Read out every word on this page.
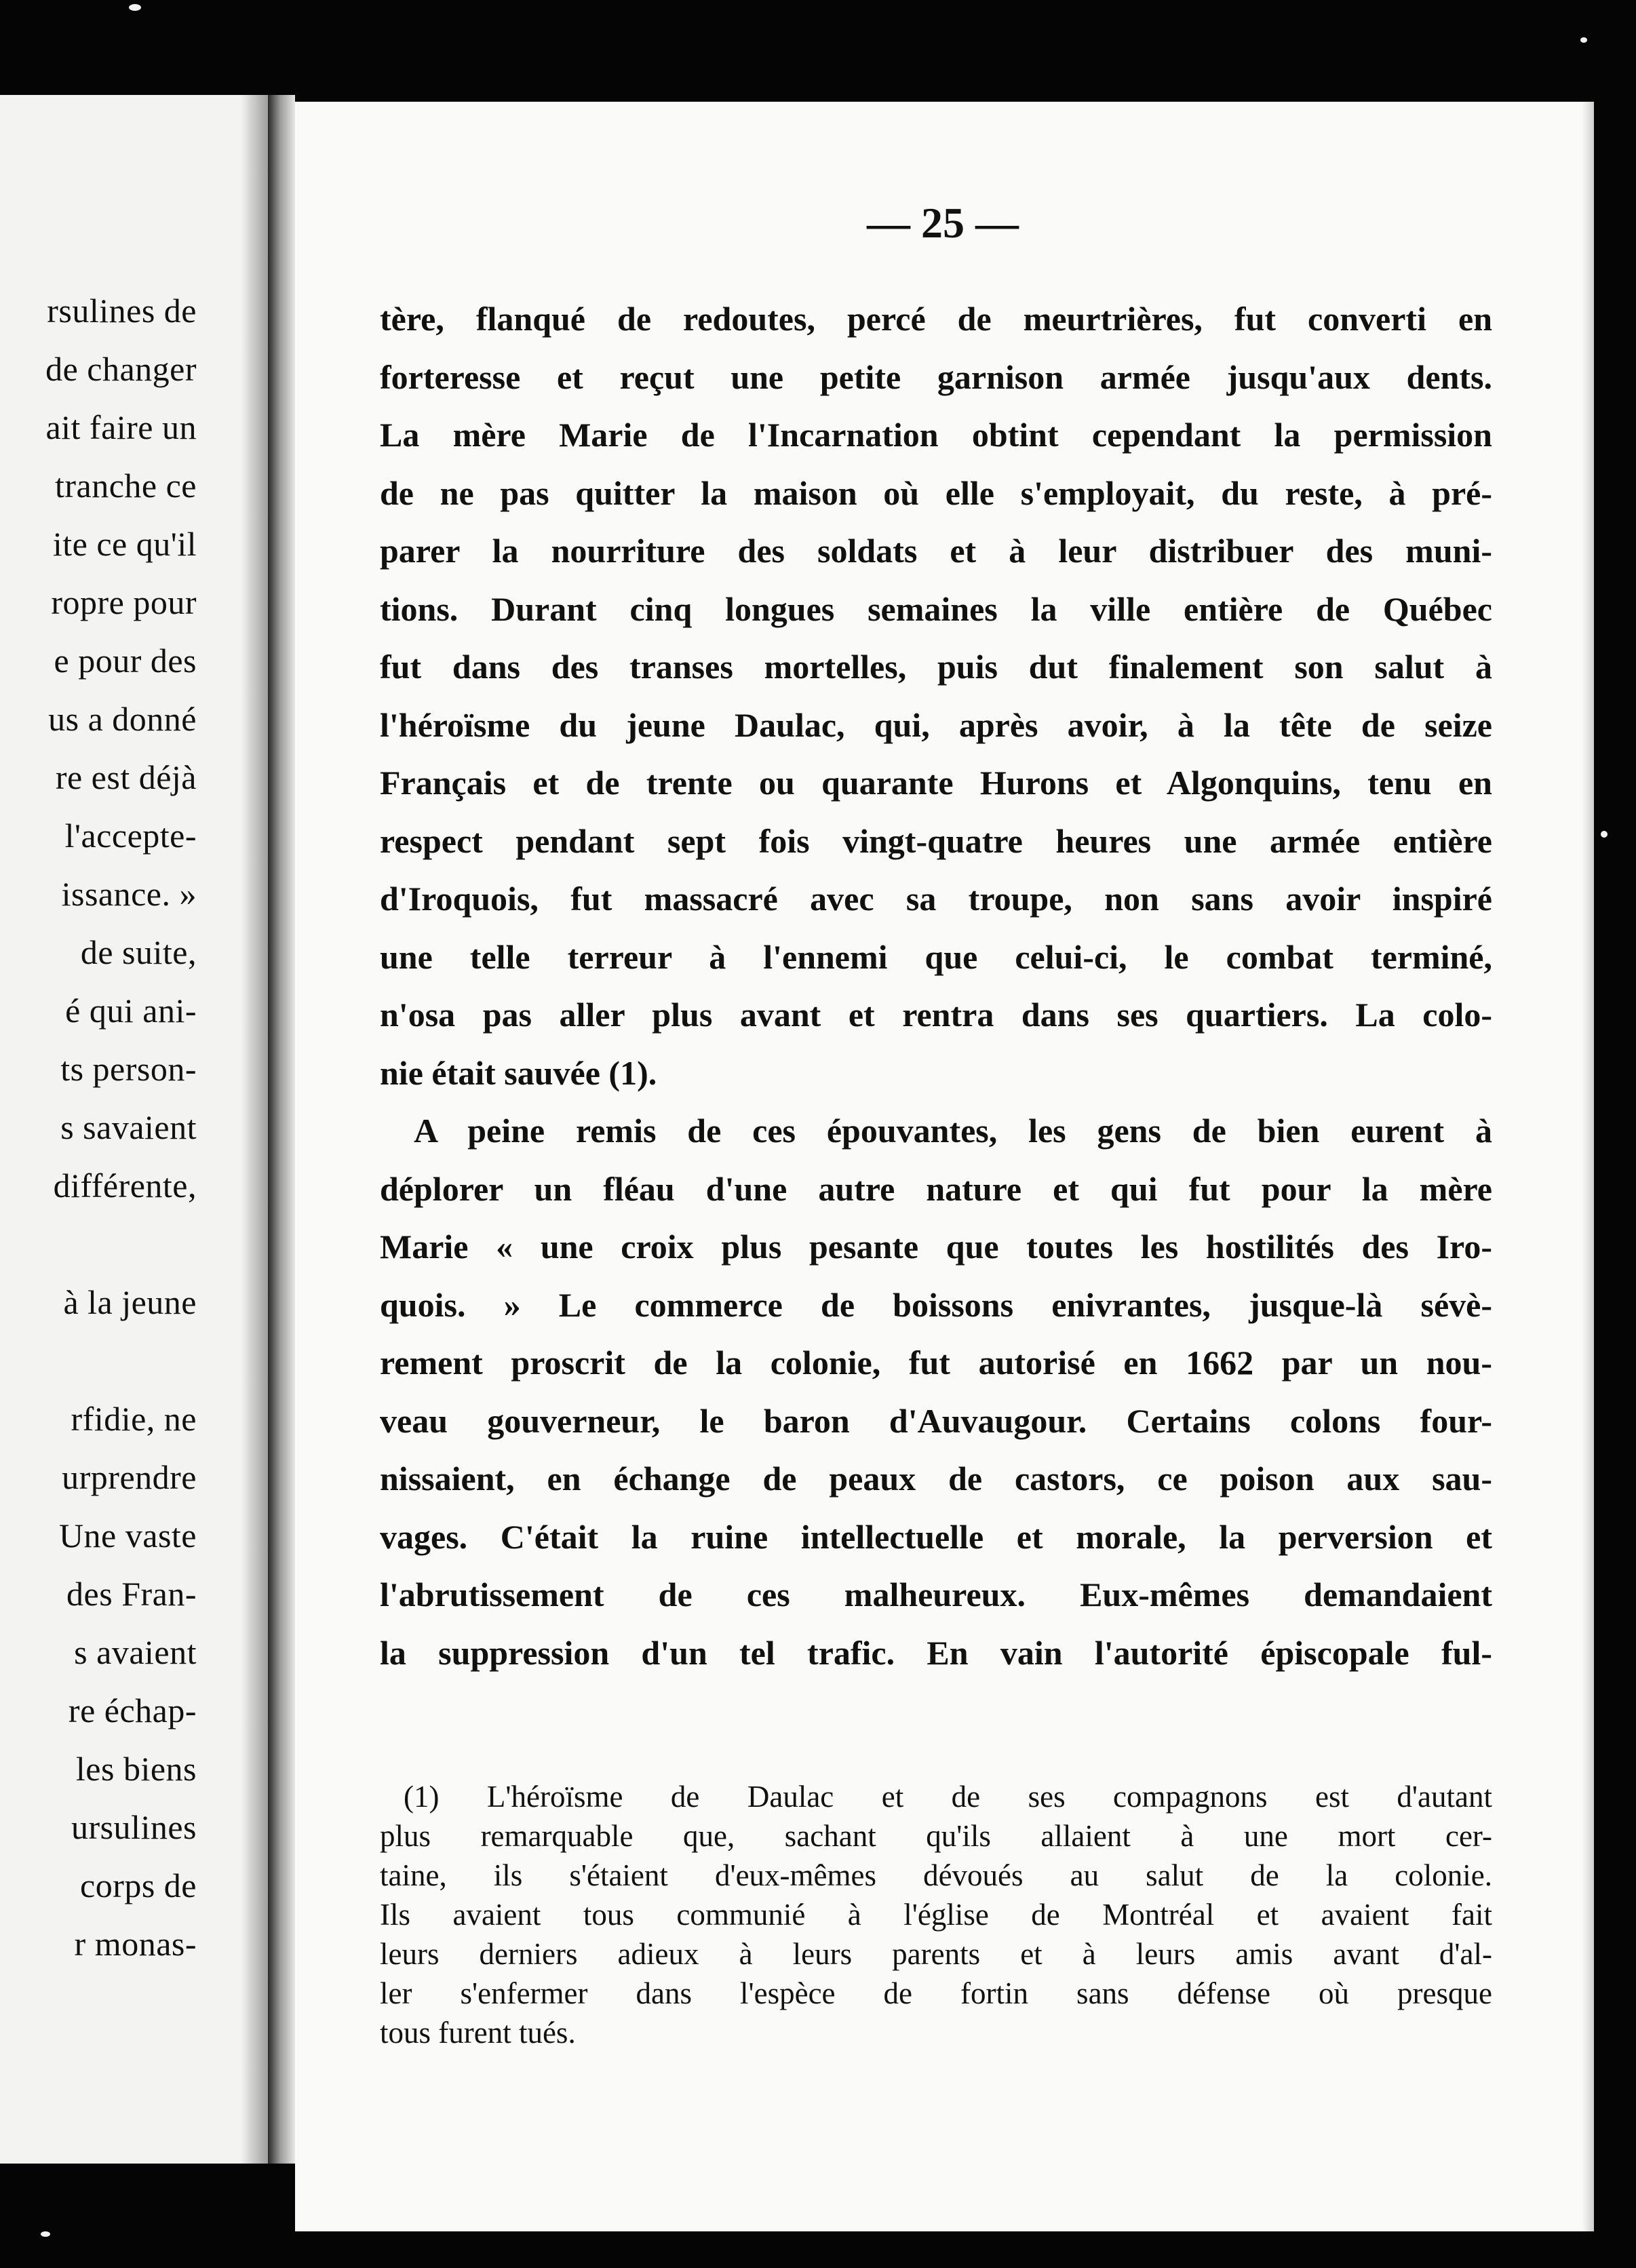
rsulines de
de changer
ait faire un
tranche ce
ite ce qu'il
ropre pour
e pour des
us a donné
re est déjà
l'accepte-
issance. »
de suite,
é qui ani-
ts person-
s savaient
différente,
à la jeune
rfidie, ne
urprendre
Une vaste
des Fran-
s avaient
re échap-
les biens
ursulines
corps de
r monas-
— 25 —
tère, flanqué de redoutes, percé de meurtrières, fut converti en
forteresse et reçut une petite garnison armée jusqu'aux dents.
La mère Marie de l'Incarnation obtint cependant la permission
de ne pas quitter la maison où elle s'employait, du reste, à pré-
parer la nourriture des soldats et à leur distribuer des muni-
tions. Durant cinq longues semaines la ville entière de Québec
fut dans des transes mortelles, puis dut finalement son salut à
l'héroïsme du jeune Daulac, qui, après avoir, à la tête de seize
Français et de trente ou quarante Hurons et Algonquins, tenu en
respect pendant sept fois vingt-quatre heures une armée entière
d'Iroquois, fut massacré avec sa troupe, non sans avoir inspiré
une telle terreur à l'ennemi que celui-ci, le combat terminé,
n'osa pas aller plus avant et rentra dans ses quartiers. La colo-
nie était sauvée (1).
A peine remis de ces épouvantes, les gens de bien eurent à
déplorer un fléau d'une autre nature et qui fut pour la mère
Marie « une croix plus pesante que toutes les hostilités des Iro-
quois. » Le commerce de boissons enivrantes, jusque-là sévè-
rement proscrit de la colonie, fut autorisé en 1662 par un nou-
veau gouverneur, le baron d'Auvaugour. Certains colons four-
nissaient, en échange de peaux de castors, ce poison aux sau-
vages. C'était la ruine intellectuelle et morale, la perversion et
l'abrutissement de ces malheureux. Eux-mêmes demandaient
la suppression d'un tel trafic. En vain l'autorité épiscopale ful-
(1) L'héroïsme de Daulac et de ses compagnons est d'autant
plus remarquable que, sachant qu'ils allaient à une mort cer-
taine, ils s'étaient d'eux-mêmes dévoués au salut de la colonie.
Ils avaient tous communié à l'église de Montréal et avaient fait
leurs derniers adieux à leurs parents et à leurs amis avant d'al-
ler s'enfermer dans l'espèce de fortin sans défense où presque
tous furent tués.
